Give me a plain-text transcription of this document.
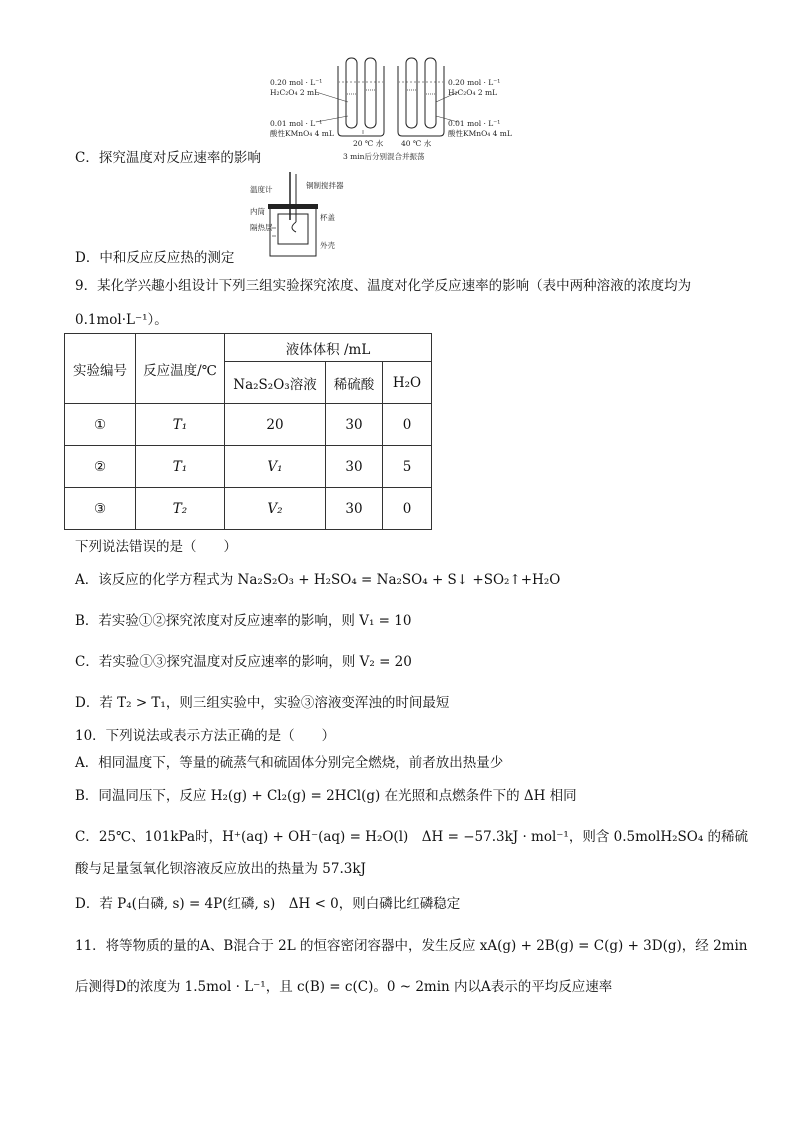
0.20 mol · L⁻¹
H₂C₂O₄ 2 mL
0.01 mol · L⁻¹
酸性KMnO₄ 4 mL
20 ℃ 水 40 ℃ 水
0.20 mol · L⁻¹
H₂C₂O₄ 2 mL
0.01 mol · L⁻¹
酸性KMnO₄ 4 mL
3 min后分别混合并振荡
C．探究温度对反应速率的影响
温度计	铜制搅拌器
内筒
杯盖
隔热层
外壳
D．中和反应反应热的测定
9．某化学兴趣小组设计下列三组实验探究浓度、温度对化学反应速率的影响（表中两种溶液的浓度均为
0.1mol·L⁻¹）。
实验编号	反应温度/℃	液体体积 /mL		
		Na₂S₂O₃溶液	稀硫酸	H₂O
①	T₁	20	30	0
②	T₁	V₁	30	5
③	T₂	V₂	30	0
下列说法错误的是（　　）
A．该反应的化学方程式为 Na₂S₂O₃ + H₂SO₄ = Na₂SO₄ + S↓ +SO₂↑+H₂O
B．若实验①②探究浓度对反应速率的影响，则 V₁ = 10
C．若实验①③探究温度对反应速率的影响，则 V₂ = 20
D．若 T₂ > T₁，则三组实验中，实验③溶液变浑浊的时间最短
10．下列说法或表示方法正确的是（　　）
A．相同温度下，等量的硫蒸气和硫固体分别完全燃烧，前者放出热量少
B．同温同压下，反应 H₂(g) + Cl₂(g) = 2HCl(g) 在光照和点燃条件下的 ΔH 相同
C．25℃、101kPa时，H⁺(aq) + OH⁻(aq) = H₂O(l)　ΔH = −57.3kJ · mol⁻¹，则含 0.5molH₂SO₄ 的稀硫
酸与足量氢氧化钡溶液反应放出的热量为 57.3kJ
D．若 P₄(白磷, s) = 4P(红磷, s)　ΔH < 0，则白磷比红磷稳定
11．将等物质的量的A、B混合于 2L 的恒容密闭容器中，发生反应 xA(g) + 2B(g) = C(g) + 3D(g)，经 2min
后测得D的浓度为 1.5mol · L⁻¹，且 c(B) = c(C)。0 ~ 2min 内以A表示的平均反应速率
